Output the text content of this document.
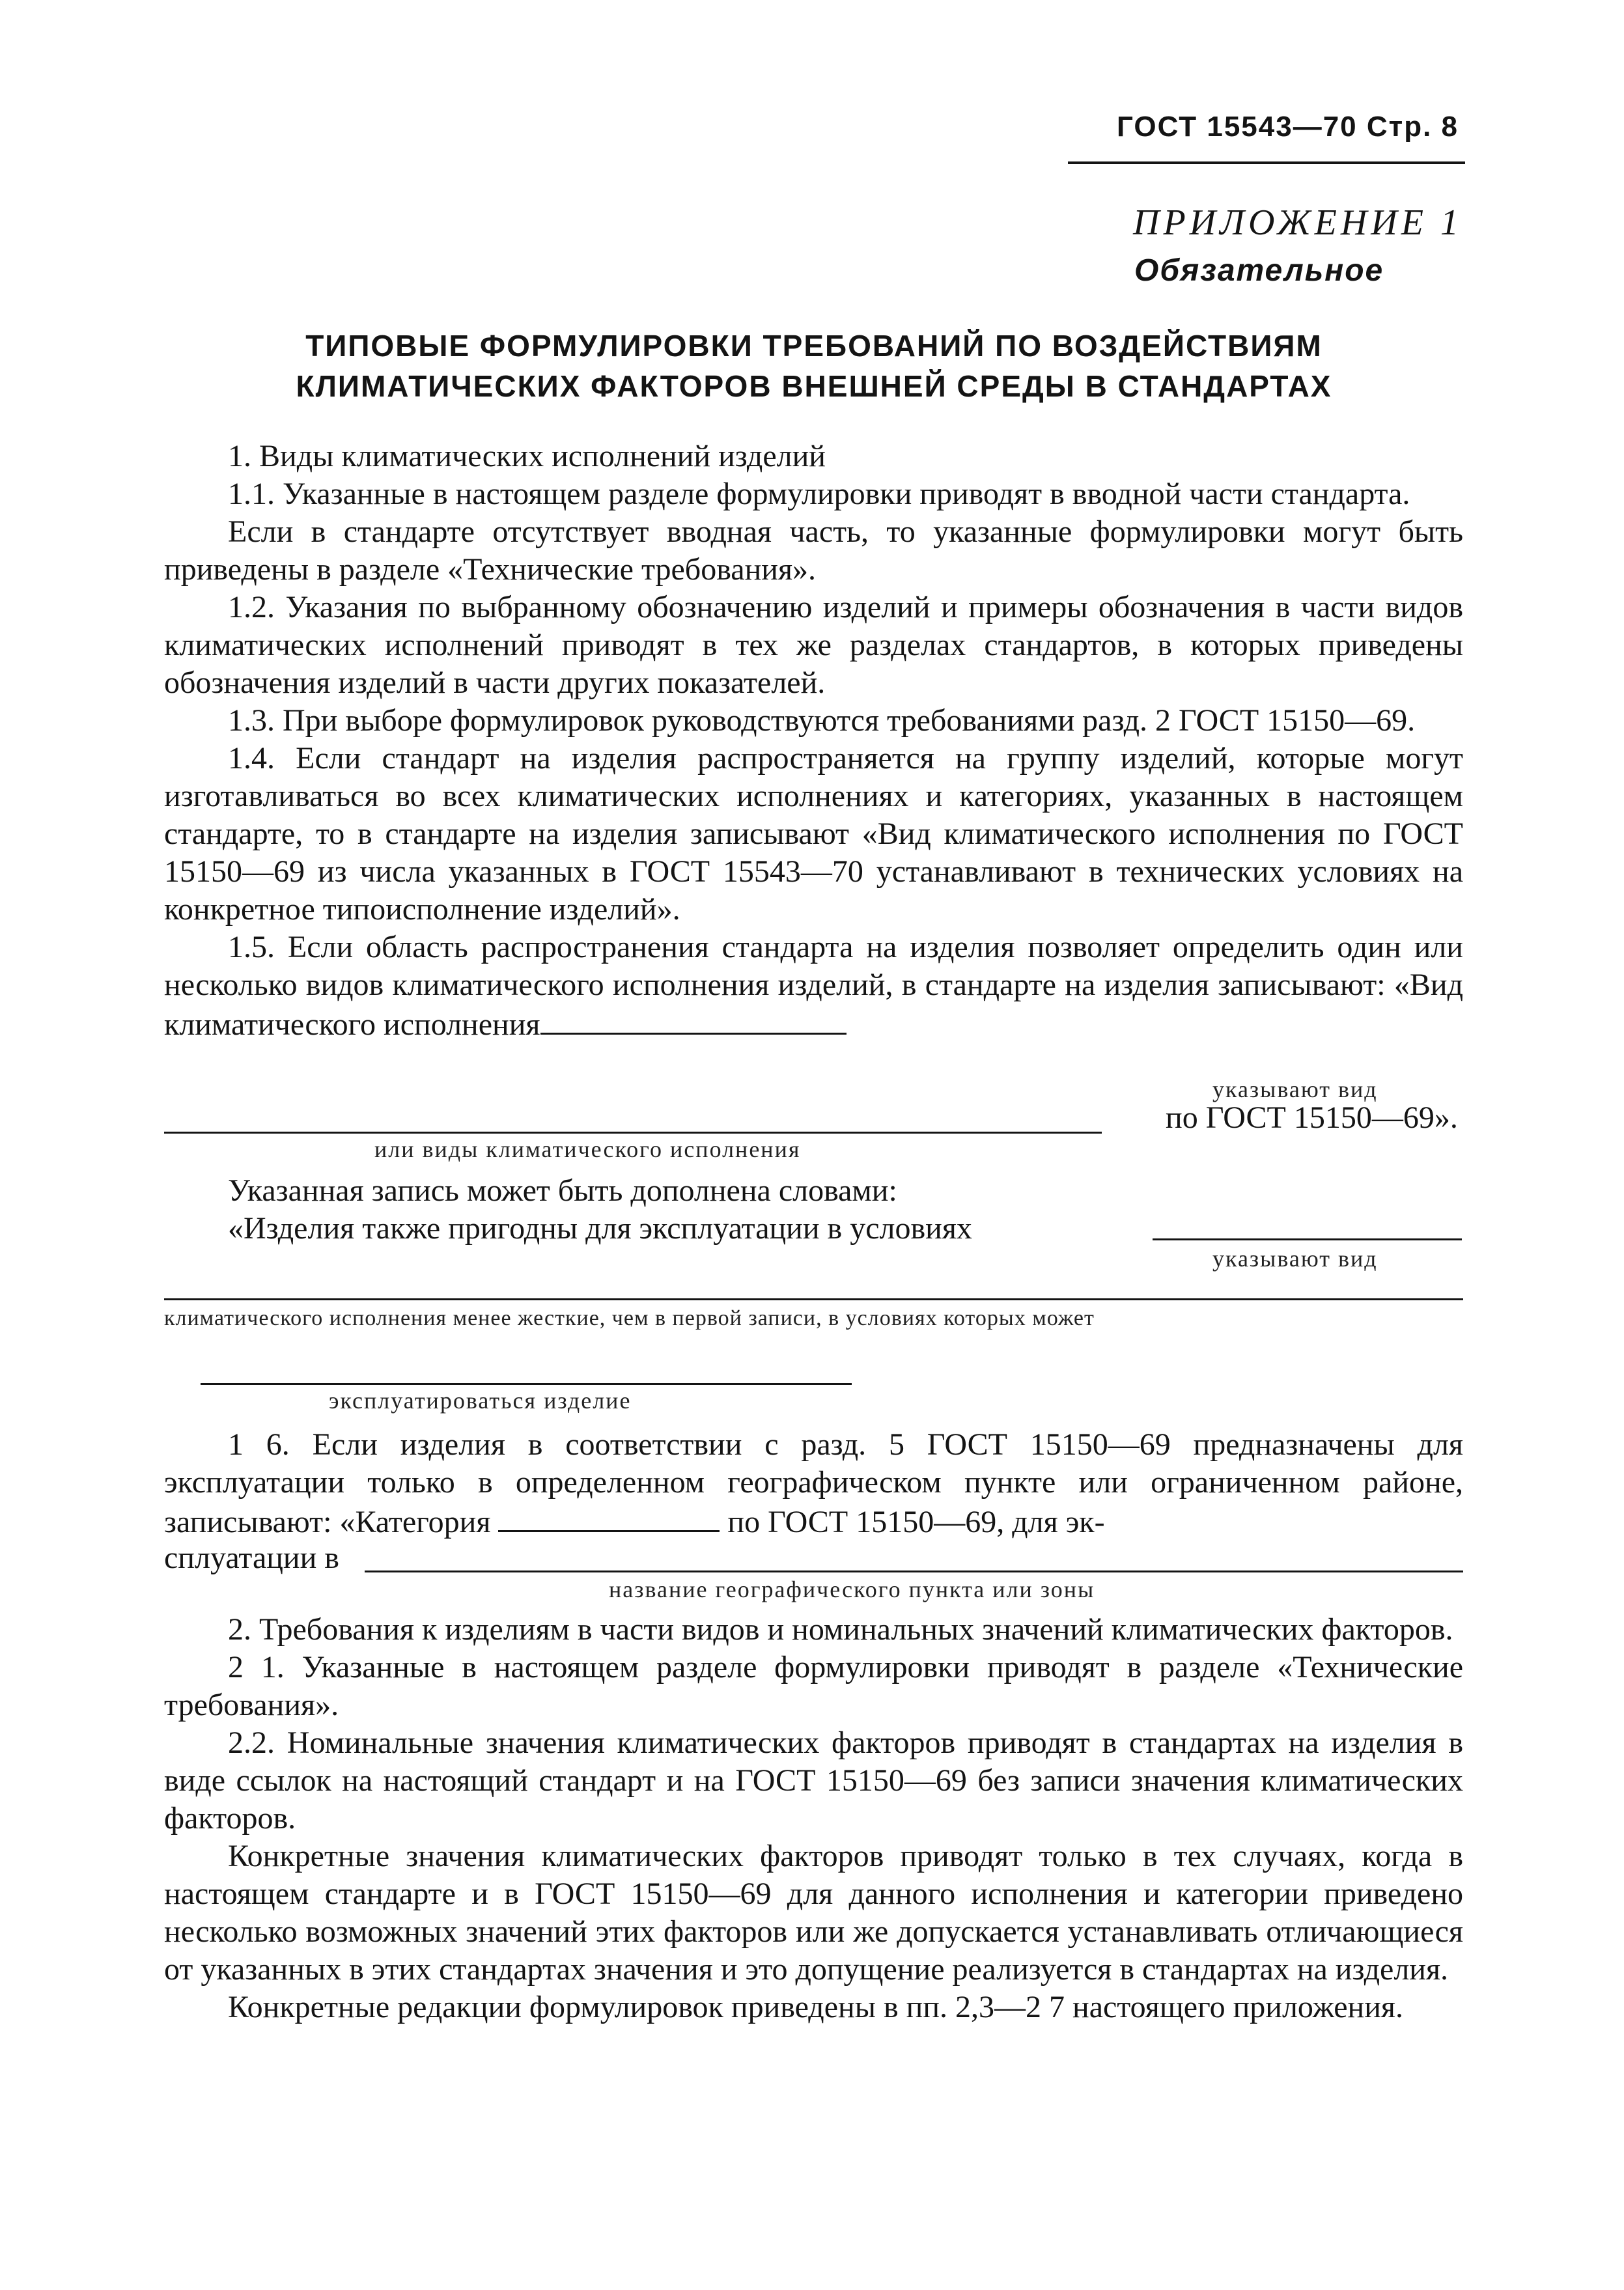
ГОСТ 15543—70 Стр. 8
ПРИЛОЖЕНИЕ 1
Обязательное
ТИПОВЫЕ ФОРМУЛИРОВКИ ТРЕБОВАНИЙ ПО ВОЗДЕЙСТВИЯМ
КЛИМАТИЧЕСКИХ ФАКТОРОВ ВНЕШНЕЙ СРЕДЫ В СТАНДАРТАХ

1. Виды климатических исполнений изделий

1.1. Указанные в настоящем разделе формулировки приводят в вводной части стандарта.

Если в стандарте отсутствует вводная часть, то указанные формулировки могут быть приведены в разделе «Технические требования».

1.2. Указания по выбранному обозначению изделий и примеры обозначения в части видов климатических исполнений приводят в тех же разделах стандартов, в которых приведены обозначения изделий в части других показателей.

1.3. При выборе формулировок руководствуются требованиями разд. 2 ГОСТ 15150—69.

1.4. Если стандарт на изделия распространяется на группу изделий, которые могут изготавливаться во всех климатических исполнениях и категориях, указанных в настоящем стандарте, то в стандарте на изделия записывают «Вид климатического исполнения по ГОСТ 15150—69 из числа указанных в ГОСТ 15543—70 устанавливают в технических условиях на конкретное типоисполнение изделий».

1.5. Если область распространения стандарта на изделия позволяет определить один или несколько видов климатического исполнения изделий, в стандарте на изделия записывают: «Вид климатического исполнения

указывают вид
по ГОСТ 15150—69».
или виды климатического исполнения
Указанная запись может быть дополнена словами:
«Изделия также пригодны для эксплуатации в условиях
указывают вид
климатического исполнения менее жесткие, чем в первой записи, в условиях которых может
эксплуатироваться изделие

1 6. Если изделия в соответствии с разд. 5 ГОСТ 15150—69 предназначены для эксплуатации только в определенном географическом пункте или ограниченном районе, записывают: «Категория	по ГОСТ 15150—69, для эк-

сплуатации в
название географического пункта или зоны

2. Требования к изделиям в части видов и номинальных значений климатических факторов.

2 1. Указанные в настоящем разделе формулировки приводят в разделе «Технические требования».

2.2. Номинальные значения климатических факторов приводят в стандартах на изделия в виде ссылок на настоящий стандарт и на ГОСТ 15150—69 без записи значения климатических факторов.

Конкретные значения климатических факторов приводят только в тех случаях, когда в настоящем стандарте и в ГОСТ 15150—69 для данного исполнения и категории приведено несколько возможных значений этих факторов или же допускается устанавливать отличающиеся от указанных в этих стандартах значения и это допущение реализуется в стандартах на изделия.

Конкретные редакции формулировок приведены в пп. 2,3—2 7 настоящего приложения.
